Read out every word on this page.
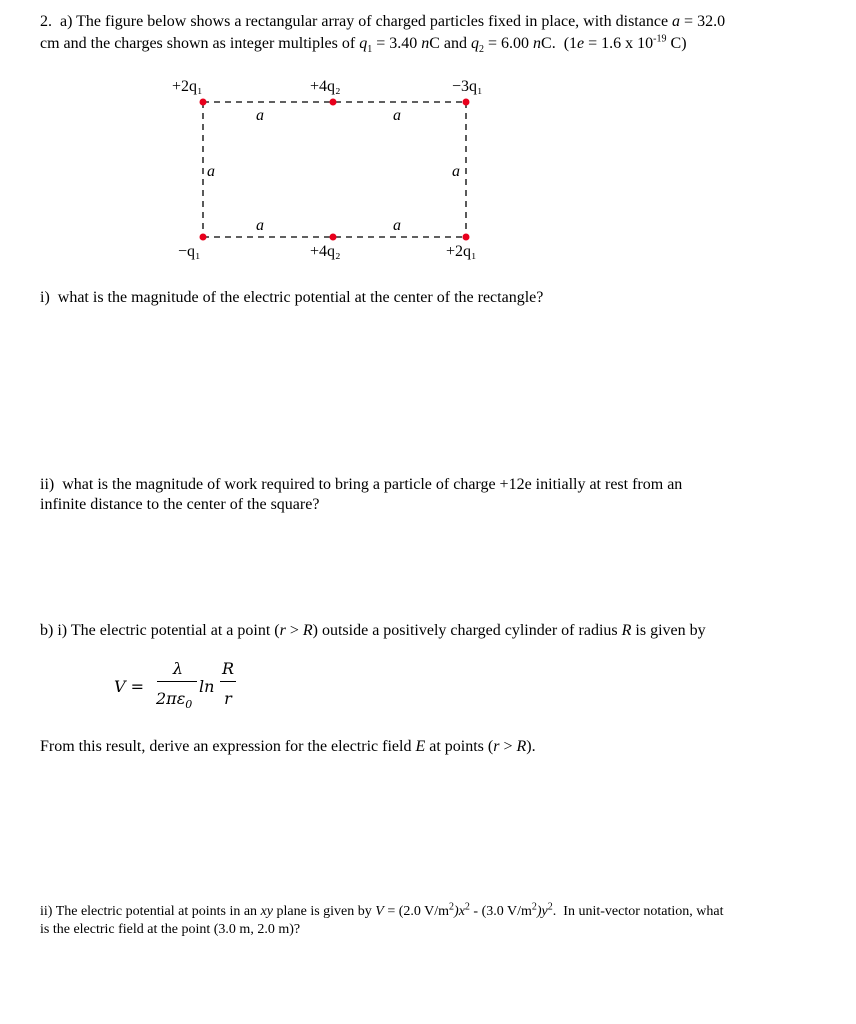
2.  a) The figure below shows a rectangular array of charged particles fixed in place, with distance a = 32.0
cm and the charges shown as integer multiples of $q_1 = 3.40$ nC and $q_2 = 6.00$ nC.  (1e = 1.6 x $10^{-19}$ C)
+2q₁	+4q₂	−3q₁
−q₁	+4q₂	+2q₁
a	a
a	a
a	a
i)  what is the magnitude of the electric potential at the center of the rectangle?
ii)  what is the magnitude of work required to bring a particle of charge +12e initially at rest from an
infinite distance to the center of the square?
b) i) The electric potential at a point (r > R) outside a positively charged cylinder of radius R is given by
V =
λ
$2\pi\varepsilon_0$
ln
R
r
From this result, derive an expression for the electric field E at points (r > R).
ii) The electric potential at points in an xy plane is given by V = (2.0 $V/m^2)x^2 - (3.0$ $V/m^2)y^2$.  In unit-vector notation, what
is the electric field at the point (3.0 m, 2.0 m)?
